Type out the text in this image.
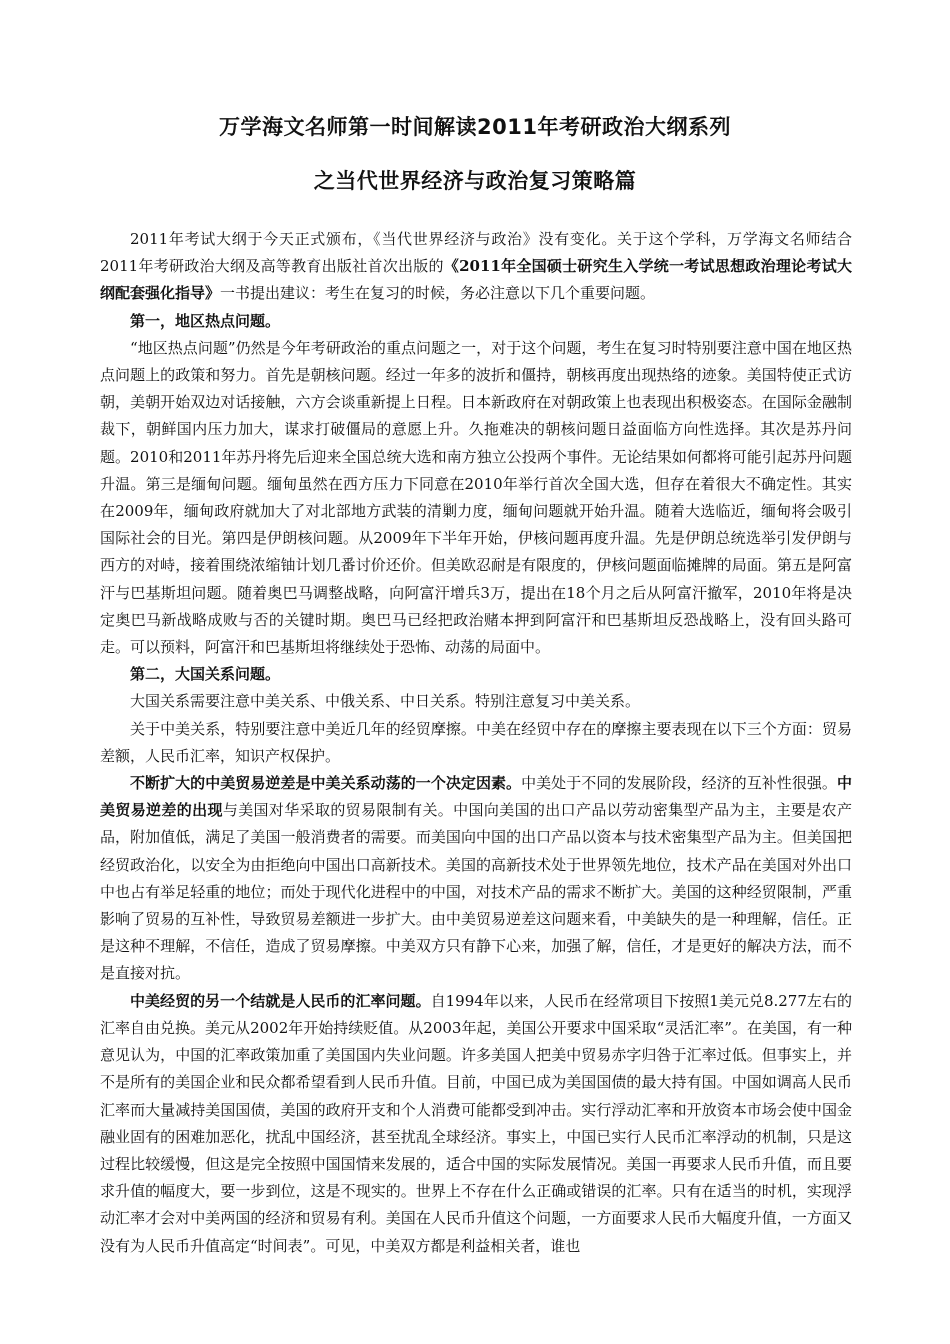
万学海文名师第一时间解读2011年考研政治大纲系列
之当代世界经济与政治复习策略篇

2011年考试大纲于今天正式颁布，《当代世界经济与政治》没有变化。关于这个学科，万学海文名师结合2011年考研政治大纲及高等教育出版社首次出版的《2011年全国硕士研究生入学统一考试思想政治理论考试大纲配套强化指导》一书提出建议：考生在复习的时候，务必注意以下几个重要问题。

第一，地区热点问题。

“地区热点问题”仍然是今年考研政治的重点问题之一，对于这个问题，考生在复习时特别要注意中国在地区热点问题上的政策和努力。首先是朝核问题。经过一年多的波折和僵持，朝核再度出现热络的迹象。美国特使正式访朝，美朝开始双边对话接触，六方会谈重新提上日程。日本新政府在对朝政策上也表现出积极姿态。在国际金融制裁下，朝鲜国内压力加大，谋求打破僵局的意愿上升。久拖难决的朝核问题日益面临方向性选择。其次是苏丹问题。2010和2011年苏丹将先后迎来全国总统大选和南方独立公投两个事件。无论结果如何都将可能引起苏丹问题升温。第三是缅甸问题。缅甸虽然在西方压力下同意在2010年举行首次全国大选，但存在着很大不确定性。其实在2009年，缅甸政府就加大了对北部地方武装的清剿力度，缅甸问题就开始升温。随着大选临近，缅甸将会吸引国际社会的目光。第四是伊朗核问题。从2009年下半年开始，伊核问题再度升温。先是伊朗总统选举引发伊朗与西方的对峙，接着围绕浓缩铀计划几番讨价还价。但美欧忍耐是有限度的，伊核问题面临摊牌的局面。第五是阿富汗与巴基斯坦问题。随着奥巴马调整战略，向阿富汗增兵3万，提出在18个月之后从阿富汗撤军，2010年将是决定奥巴马新战略成败与否的关键时期。奥巴马已经把政治赌本押到阿富汗和巴基斯坦反恐战略上，没有回头路可走。可以预料，阿富汗和巴基斯坦将继续处于恐怖、动荡的局面中。

第二，大国关系问题。

大国关系需要注意中美关系、中俄关系、中日关系。特别注意复习中美关系。

关于中美关系，特别要注意中美近几年的经贸摩擦。中美在经贸中存在的摩擦主要表现在以下三个方面：贸易差额，人民币汇率，知识产权保护。

不断扩大的中美贸易逆差是中美关系动荡的一个决定因素。中美处于不同的发展阶段，经济的互补性很强。中美贸易逆差的出现与美国对华采取的贸易限制有关。中国向美国的出口产品以劳动密集型产品为主，主要是农产品，附加值低，满足了美国一般消费者的需要。而美国向中国的出口产品以资本与技术密集型产品为主。但美国把经贸政治化，以安全为由拒绝向中国出口高新技术。美国的高新技术处于世界领先地位，技术产品在美国对外出口中也占有举足轻重的地位；而处于现代化进程中的中国，对技术产品的需求不断扩大。美国的这种经贸限制，严重影响了贸易的互补性，导致贸易差额进一步扩大。由中美贸易逆差这问题来看，中美缺失的是一种理解，信任。正是这种不理解，不信任，造成了贸易摩擦。中美双方只有静下心来，加强了解，信任，才是更好的解决方法，而不是直接对抗。

中美经贸的另一个结就是人民币的汇率问题。自1994年以来，人民币在经常项目下按照1美元兑8.277左右的汇率自由兑换。美元从2002年开始持续贬值。从2003年起，美国公开要求中国采取“灵活汇率”。在美国，有一种意见认为，中国的汇率政策加重了美国国内失业问题。许多美国人把美中贸易赤字归咎于汇率过低。但事实上，并不是所有的美国企业和民众都希望看到人民币升值。目前，中国已成为美国国债的最大持有国。中国如调高人民币汇率而大量减持美国国债，美国的政府开支和个人消费可能都受到冲击。实行浮动汇率和开放资本市场会使中国金融业固有的困难加恶化，扰乱中国经济，甚至扰乱全球经济。事实上，中国已实行人民币汇率浮动的机制，只是这过程比较缓慢，但这是完全按照中国国情来发展的，适合中国的实际发展情况。美国一再要求人民币升值，而且要求升值的幅度大，要一步到位，这是不现实的。世界上不存在什么正确或错误的汇率。只有在适当的时机，实现浮动汇率才会对中美两国的经济和贸易有利。美国在人民币升值这个问题，一方面要求人民币大幅度升值，一方面又没有为人民币升值高定“时间表”。可见，中美双方都是利益相关者，谁也
